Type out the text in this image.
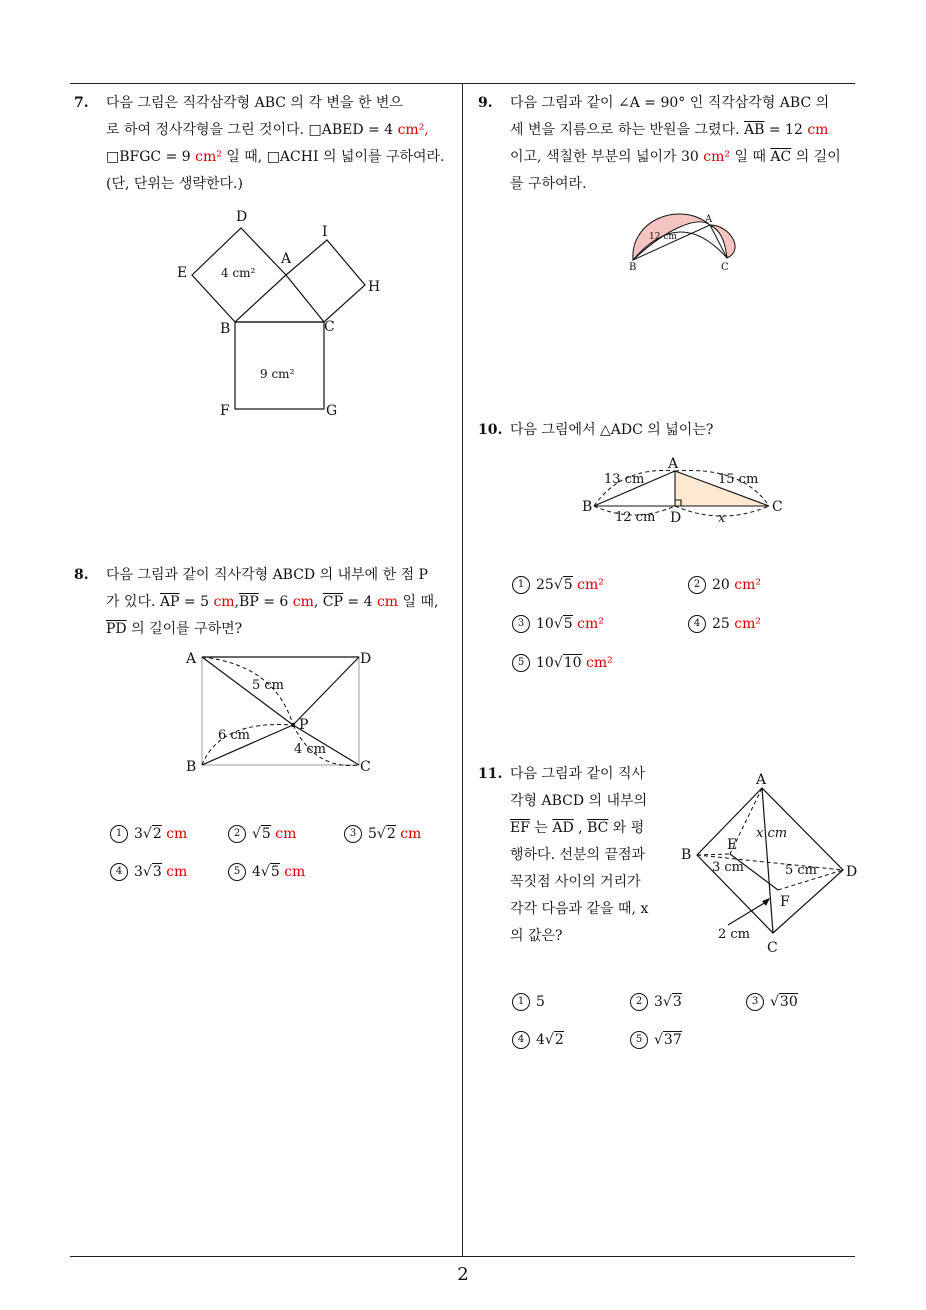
7. 다음 그림은 직각삼각형 ABC 의 각 변을 한 변으
로 하여 정사각형을 그린 것이다. □ABED = 4 cm²,
□BFGC = 9 cm² 일 때, □ACHI 의 넓이를 구하여라.
(단, 단위는 생략한다.)
D
I
E
A
H
B	C
F	G
4 cm²
9 cm²
8. 다음 그림과 같이 직사각형 ABCD 의 내부에 한 점 P
가 있다. $\overline{AP} = 5$ $cm,\overline{BP} = 6$ cm, $\overline{CP} = 4$ cm 일 때,
$\overline{PD}$ 의 길이를 구하면?
A	D
B	C
P
5 cm
6 cm
4 cm
1 3√2 cm	2 √5 cm	3 5√2 cm
4 3√3 cm	5 4√5 cm
9. 다음 그림과 같이 ∠A = 90° 인 직각삼각형 ABC 의
세 변을 지름으로 하는 반원을 그렸다. $\overline{AB} = 12$ cm
이고, 색칠한 부분의 넓이가 30 cm² 일 때 $\overline{AC}$ 의 길이
를 구하여라.
A
B	C
12 cm
10. 다음 그림에서 △ADC 의 넓이는?
A
B	C
D
13 cm	15 cm
12 cm	x
1 25√5 cm²	2 20 cm²
3 10√5 cm²	4 25 cm²
5 10√10 cm²
11. 다음 그림과 같이 직사
각형 ABCD 의 내부의
$\overline{EF}$ 는 $\overline{AD}$ , $\overline{BC}$ 와 평
행하다. 선분의 끝점과
꼭짓점 사이의 거리가
각각 다음과 같을 때, x
의 값은?
A
B
C
D
E
F
x cm
3 cm	5 cm
2 cm
1 5	2 3√3	3 √30
4 4√2	5 √37
2
